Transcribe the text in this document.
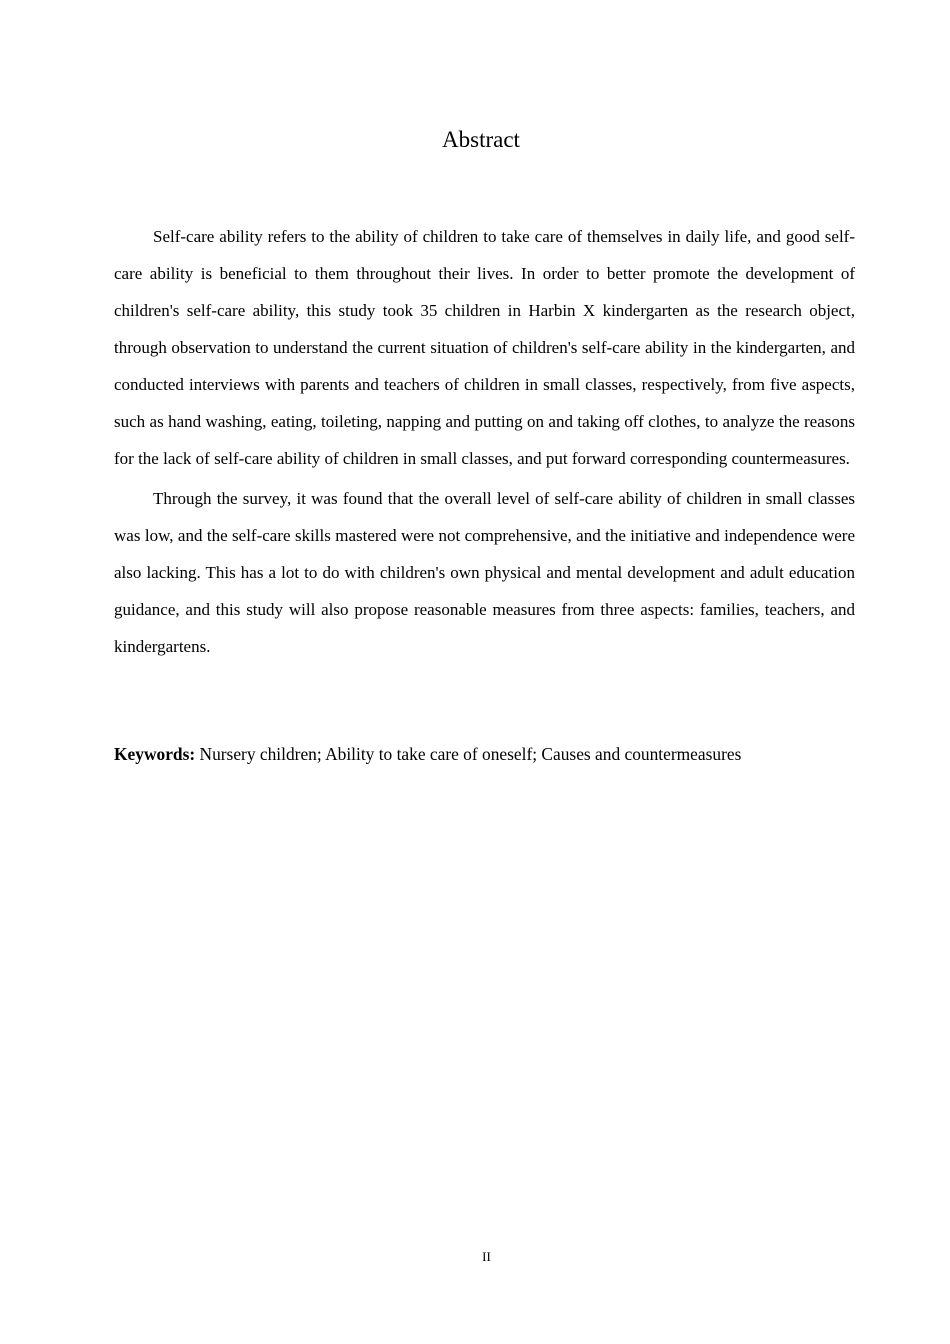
Abstract

Self-care ability refers to the ability of children to take care of themselves in daily life, and good self-care ability is beneficial to them throughout their lives. In order to better promote the development of children's self-care ability, this study took 35 children in Harbin X kindergarten as the research object, through observation to understand the current situation of children's self-care ability in the kindergarten, and conducted interviews with parents and teachers of children in small classes, respectively, from five aspects, such as hand washing, eating, toileting, napping and putting on and taking off clothes, to analyze the reasons for the lack of self-care ability of children in small classes, and put forward corresponding countermeasures.

Through the survey, it was found that the overall level of self-care ability of children in small classes was low, and the self-care skills mastered were not comprehensive, and the initiative and independence were also lacking. This has a lot to do with children's own physical and mental development and adult education guidance, and this study will also propose reasonable measures from three aspects: families, teachers, and kindergartens.

Keywords: Nursery children; Ability to take care of oneself; Causes and countermeasures
II
